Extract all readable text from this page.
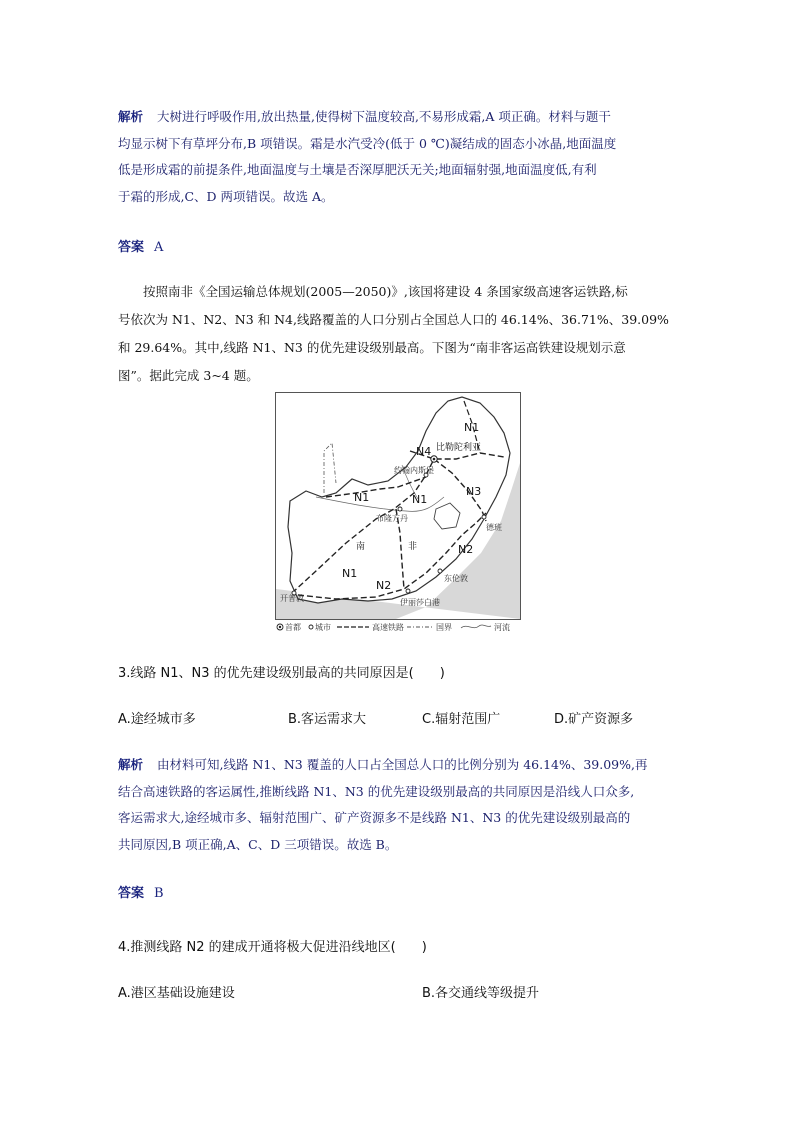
解析 大树进行呼吸作用,放出热量,使得树下温度较高,不易形成霜,A 项正确。材料与题干
均显示树下有草坪分布,B 项错误。霜是水汽受冷(低于 0 ℃)凝结成的固态小冰晶,地面温度
低是形成霜的前提条件,地面温度与土壤是否深厚肥沃无关;地面辐射强,地面温度低,有利
于霜的形成,C、D 两项错误。故选 A。
答案 A
按照南非《全国运输总体规划(2005—2050)》,该国将建设 4 条国家级高速客运铁路,标
号依次为 N1、N2、N3 和 N4,线路覆盖的人口分别占全国总人口的 46.14%、36.71%、39.09%
和 29.64%。其中,线路 N1、N3 的优先建设级别最高。下图为“南非客运高铁建设规划示意
图”。据此完成 3~4 题。
比勒陀利亚
约翰内斯堡
布隆方丹
德班
东伦敦
伊丽莎白港
开普敦
南	非
N1	N1
N1
N2
N2
N3
N4
N1
首都 城市	高速铁路	国界	河流
3.线路 N1、N3 的优先建设级别最高的共同原因是(　　)
A.途经城市多	B.客运需求大	C.辐射范围广	D.矿产资源多
解析 由材料可知,线路 N1、N3 覆盖的人口占全国总人口的比例分别为 46.14%、39.09%,再
结合高速铁路的客运属性,推断线路 N1、N3 的优先建设级别最高的共同原因是沿线人口众多,
客运需求大,途经城市多、辐射范围广、矿产资源多不是线路 N1、N3 的优先建设级别最高的
共同原因,B 项正确,A、C、D 三项错误。故选 B。
答案 B
4.推测线路 N2 的建成开通将极大促进沿线地区(　　)
A.港区基础设施建设	B.各交通线等级提升
